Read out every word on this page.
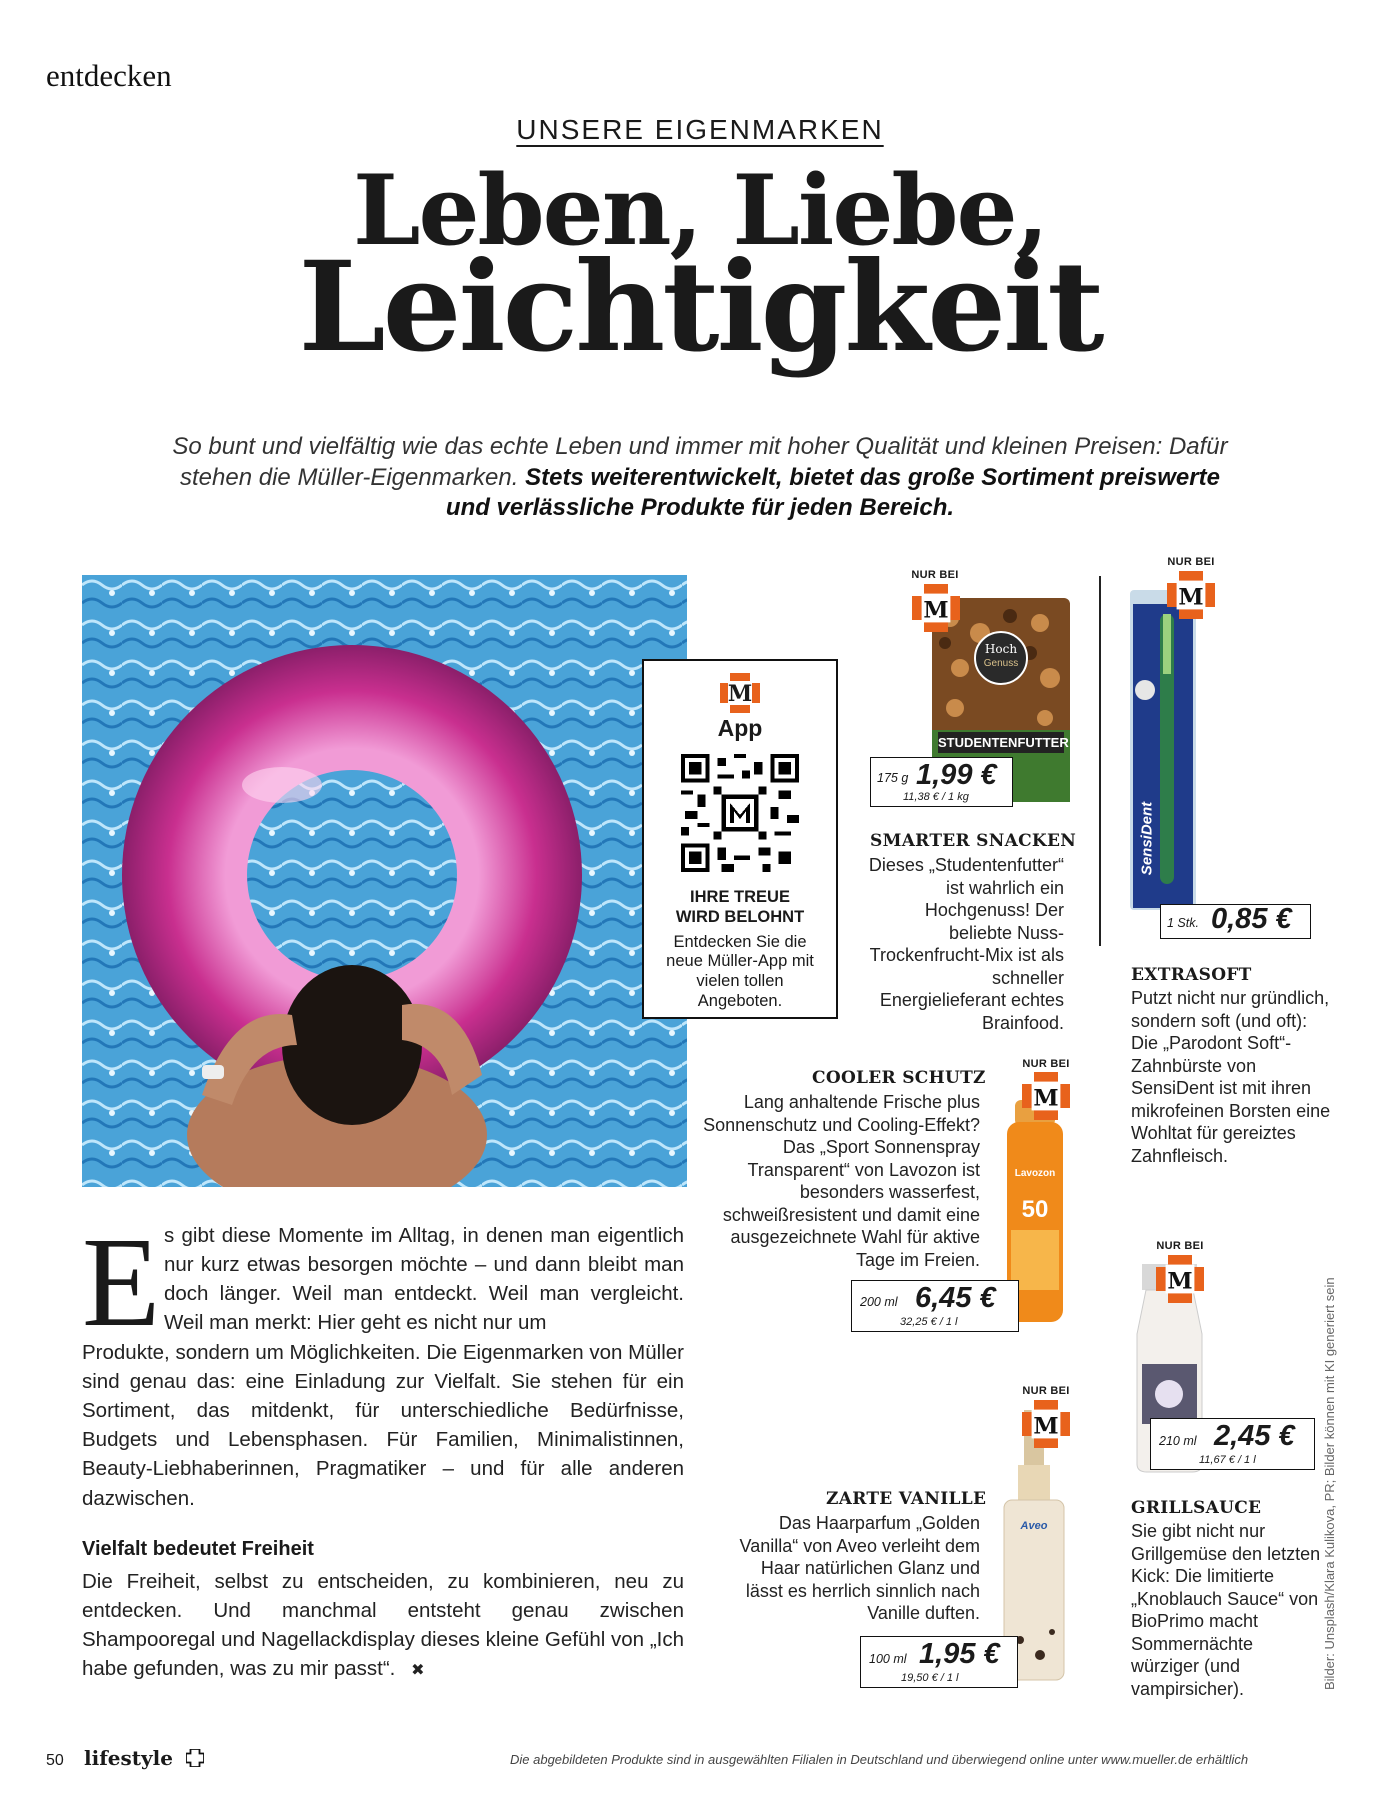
entdecken
UNSERE EIGENMARKEN
Leben, Liebe,
Leichtigkeit
So bunt und vielfältig wie das echte Leben und immer mit hoher Qualität und kleinen Preisen: Dafür stehen die Müller-Eigenmarken. Stets weiterentwickelt, bietet das große Sortiment preiswerte und verlässliche Produkte für jeden Bereich.
E s gibt diese Momente im Alltag, in denen man eigentlich nur kurz etwas besorgen möchte – und dann bleibt man doch länger. Weil man entdeckt. Weil man vergleicht. Weil man merkt: Hier geht es nicht nur um
Produkte, sondern um Möglichkeiten. Die Eigenmarken von Müller sind genau das: eine Einladung zur Vielfalt. Sie stehen für ein Sortiment, das mitdenkt, für unterschiedliche Bedürfnisse, Budgets und Lebensphasen. Für Familien, Minimalistinnen, Beauty-Liebhaberinnen, Pragmatiker – und für alle anderen dazwischen.
Vielfalt bedeutet Freiheit
Die Freiheit, selbst zu entscheiden, zu kombinieren, neu zu entdecken. Und manchmal entsteht genau zwischen Shampooregal und Nagellackdisplay dieses kleine Gefühl von „Ich habe gefunden, was zu mir passt“. ✖
M
App
IHRE TREUE
WIRD BELOHNT
Entdecken Sie die neue Müller-App mit vielen tollen Angeboten.
NUR BEI
Hoch
Genuss
STUDENTENFUTTER
M
175 g 1,99 €
11,38 € / 1 kg
SMARTER SNACKEN
Dieses „Studentenfutter“ ist wahrlich ein Hochgenuss! Der beliebte Nuss-Trockenfrucht-Mix ist als schneller Energielieferant echtes Brainfood.
NUR BEI
SensiDent
M
1 Stk. 0,85 €
EXTRASOFT
Putzt nicht nur gründlich, sondern soft (und oft): Die „Parodont Soft“-Zahnbürste von SensiDent ist mit ihren mikrofeinen Borsten eine Wohltat für gereiztes Zahnfleisch.
COOLER SCHUTZ
Lang anhaltende Frische plus Sonnenschutz und Cooling-Effekt? Das „Sport Sonnenspray Transparent“ von Lavozon ist besonders wasserfest, schweißresistent und damit eine ausgezeichnete Wahl für aktive Tage im Freien.
NUR BEI
Lavozon
50
M
200 ml 6,45 €
32,25 € / 1 l
NUR BEI
M
210 ml 2,45 €
11,67 € / 1 l
GRILLSAUCE
Sie gibt nicht nur Grillgemüse den letzten Kick: Die limitierte „Knoblauch Sauce“ von BioPrimo macht Sommernächte würziger (und vampirsicher).
NUR BEI
Aveo
M
ZARTE VANILLE
Das Haarparfum „Golden Vanilla“ von Aveo verleiht dem Haar natürlichen Glanz und lässt es herrlich sinnlich nach Vanille duften.
100 ml 1,95 €
19,50 € / 1 l	Bilder: Unsplash/Klara Kulikova, PR; Bilder können mit KI generiert sein
50 lifestyle	Die abgebildeten Produkte sind in ausgewählten Filialen in Deutschland und überwiegend online unter www.mueller.de erhältlich
